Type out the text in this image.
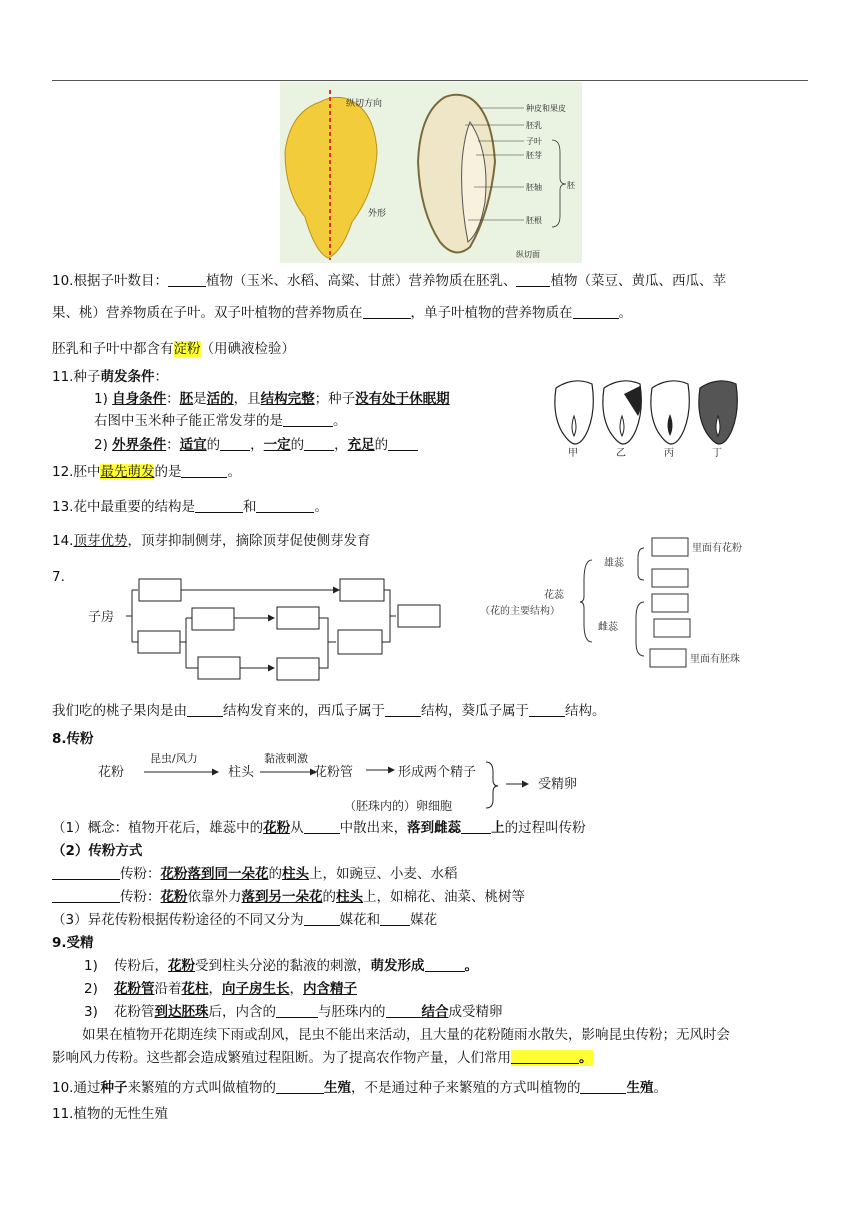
纵切方向
外形
种皮和果皮
胚乳
子叶
胚芽
胚轴
胚根
胚
纵切面
10.根据子叶数目：	植物（玉米、水稻、高粱、甘蔗）营养物质在胚乳、	植物（菜豆、黄瓜、西瓜、苹
果、桃）营养物质在子叶。双子叶植物的营养物质在	，单子叶植物的营养物质在	。
胚乳和子叶中都含有淀粉（用碘液检验）
11.种子萌发条件：
1) 自身条件：胚是活的，且结构完整；种子没有处于休眠期
右图中玉米种子能正常发芽的是	。
2) 外界条件：适宜的 ，一定的 ，充足的
甲	乙	丙	丁
12.胚中最先萌发的是	。
13.花中最重要的结构是	和	。
14.顶芽优势，顶芽抑制侧芽，摘除顶芽促使侧芽发育
7.
子房
花蕊
（花的主要结构）
雄蕊
雌蕊
里面有花粉
里面有胚珠
我们吃的桃子果肉是由	结构发育来的，西瓜子属于	结构，葵瓜子属于	结构。
8.传粉
花粉
昆虫/风力
柱头
黏液刺激
花粉管	形成两个精子
（胚珠内的）卵细胞
受精卵
（1）概念：植物开花后，雄蕊中的花粉从	中散出来，落到雌蕊 上的过程叫传粉
（2）传粉方式
传粉：花粉落到同一朵花的柱头上，如豌豆、小麦、水稻
传粉：花粉依靠外力落到另一朵花的柱头上，如棉花、油菜、桃树等
（3）异花传粉根据传粉途径的不同又分为	媒花和 媒花
9.受精
1) 传粉后，花粉受到柱头分泌的黏液的刺激，萌发形成	。
2) 花粉管沿着花柱，向子房生长，内含精子
3) 花粉管到达胚珠后，内含的	与胚珠内的	结合成受精卵
如果在植物开花期连续下雨或刮风，昆虫不能出来活动，且大量的花粉随雨水散失，影响昆虫传粉；无风时会
影响风力传粉。这些都会造成繁殖过程阻断。为了提高农作物产量，人们常用	。
10.通过种子来繁殖的方式叫做植物的	生殖，不是通过种子来繁殖的方式叫植物的	生殖。
11.植物的无性生殖
